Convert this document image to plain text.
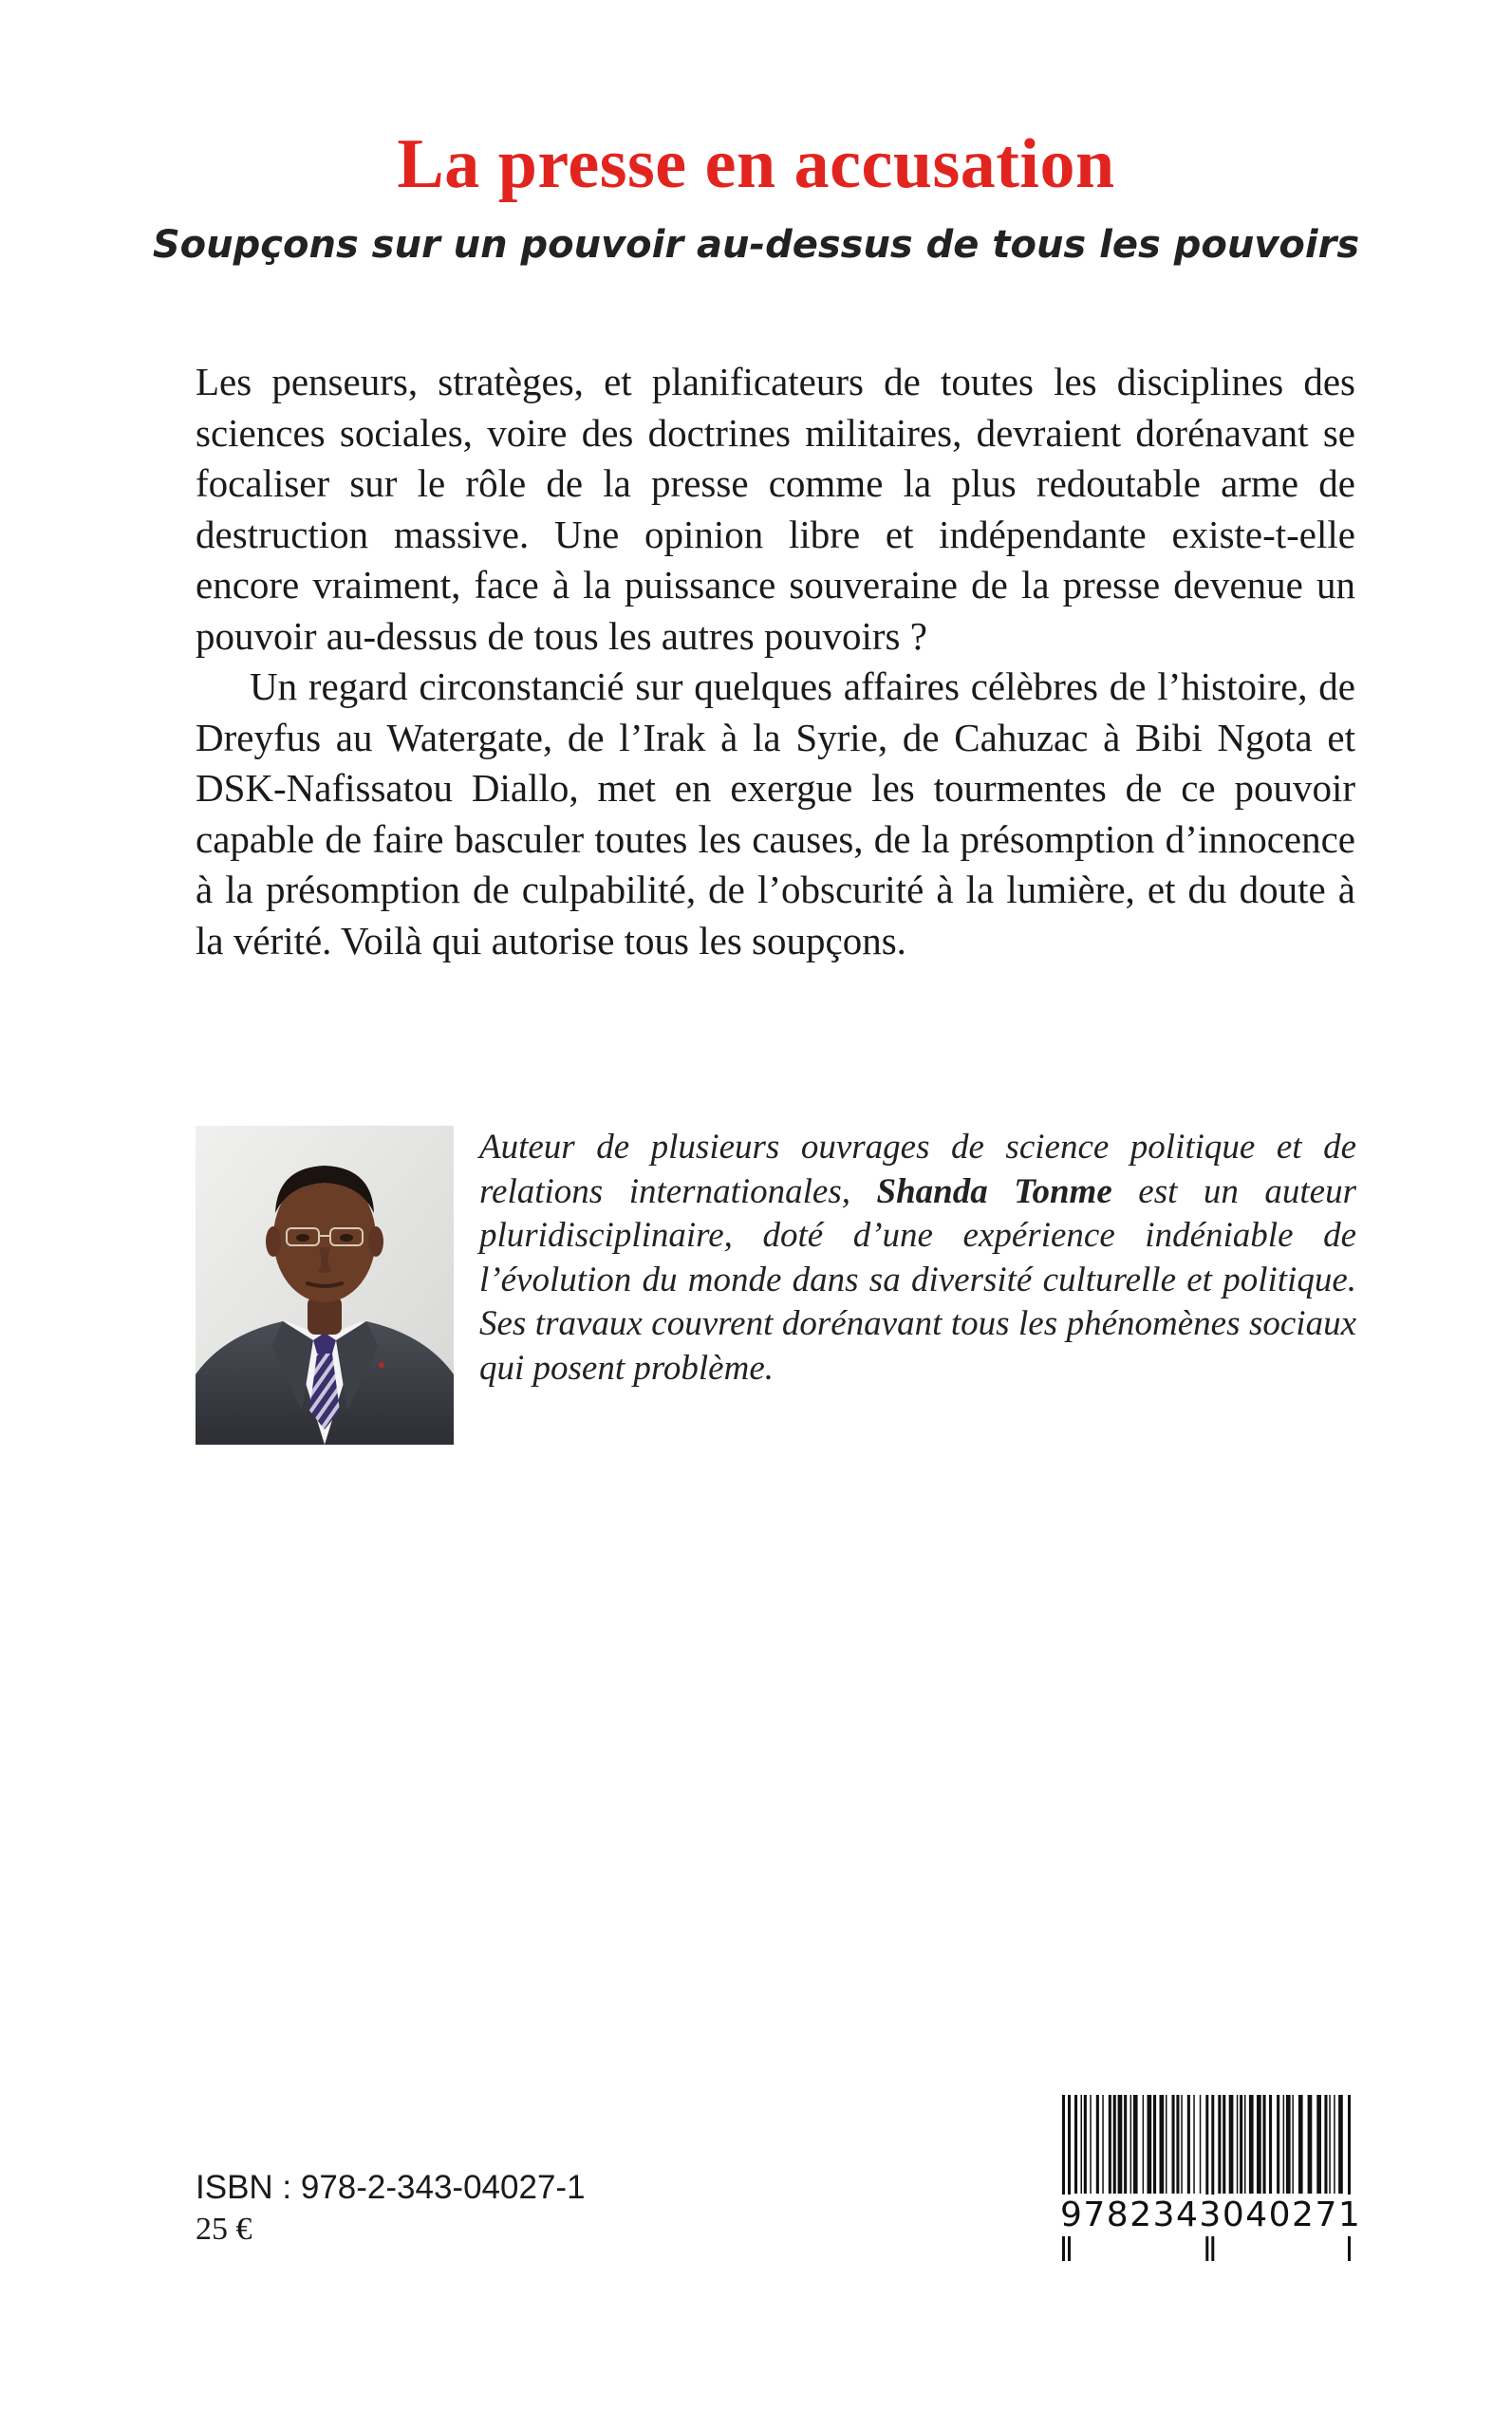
La presse en accusation
Soupçons sur un pouvoir au-dessus de tous les pouvoirs

Les penseurs, stratèges, et planificateurs de toutes les disciplines des sciences sociales, voire des doctrines militaires, devraient dorénavant se focaliser sur le rôle de la presse comme la plus redoutable arme de destruction massive. Une opinion libre et indépendante existe-t-elle encore vraiment, face à la puissance souveraine de la presse devenue un pouvoir au-dessus de tous les autres pouvoirs ?

Un regard circonstancié sur quelques affaires célèbres de l’histoire, de Dreyfus au Watergate, de l’Irak à la Syrie, de Cahuzac à Bibi Ngota et DSK-Nafissatou Diallo, met en exergue les tourmentes de ce pouvoir capable de faire basculer toutes les causes, de la présomption d’innocence à la présomption de culpabilité, de l’obscurité à la lumière, et du doute à la vérité. Voilà qui autorise tous les soupçons.

Auteur de plusieurs ouvrages de science politique et de relations internationales, Shanda Tonme est un auteur pluridisciplinaire, doté d’une expérience indéniable de l’évolution du monde dans sa diversité culturelle et politique. Ses travaux couvrent dorénavant tous les phénomènes sociaux qui posent problème.

ISBN : 978-2-343-04027-1

25 €	9782343040271
